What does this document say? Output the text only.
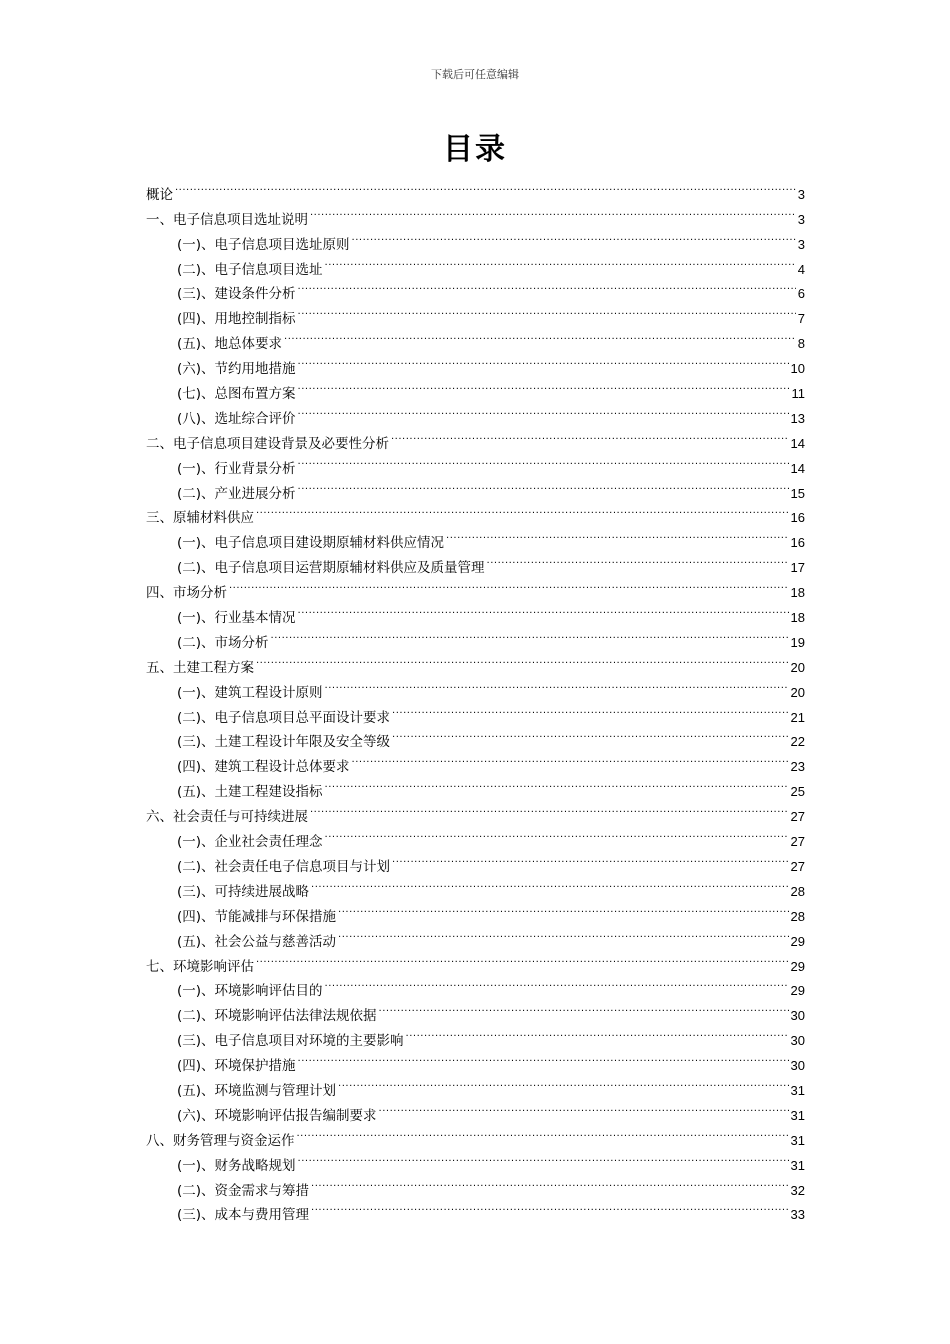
下载后可任意编辑
目录
概论 .....	3
一、电子信息项目选址说明 .....	3
(一)、电子信息项目选址原则 .....	3
(二)、电子信息项目选址 .....	4
(三)、建设条件分析 .....	6
(四)、用地控制指标 .....	7
(五)、地总体要求 .....	8
(六)、节约用地措施 .....	10
(七)、总图布置方案 .....	11
(八)、选址综合评价 .....	13
二、电子信息项目建设背景及必要性分析 .....	14
(一)、行业背景分析 .....	14
(二)、产业进展分析 .....	15
三、原辅材料供应 .....	16
(一)、电子信息项目建设期原辅材料供应情况 .....	16
(二)、电子信息项目运营期原辅材料供应及质量管理 .....	17
四、市场分析 .....	18
(一)、行业基本情况 .....	18
(二)、市场分析 .....	19
五、土建工程方案 .....	20
(一)、建筑工程设计原则 .....	20
(二)、电子信息项目总平面设计要求 .....	21
(三)、土建工程设计年限及安全等级 .....	22
(四)、建筑工程设计总体要求 .....	23
(五)、土建工程建设指标 .....	25
六、社会责任与可持续进展 .....	27
(一)、企业社会责任理念 .....	27
(二)、社会责任电子信息项目与计划 .....	27
(三)、可持续进展战略 .....	28
(四)、节能减排与环保措施 .....	28
(五)、社会公益与慈善活动 .....	29
七、环境影响评估 .....	29
(一)、环境影响评估目的 .....	29
(二)、环境影响评估法律法规依据 .....	30
(三)、电子信息项目对环境的主要影响 .....	30
(四)、环境保护措施 .....	30
(五)、环境监测与管理计划 .....	31
(六)、环境影响评估报告编制要求 .....	31
八、财务管理与资金运作 .....	31
(一)、财务战略规划 .....	31
(二)、资金需求与筹措 .....	32
(三)、成本与费用管理 .....	33
